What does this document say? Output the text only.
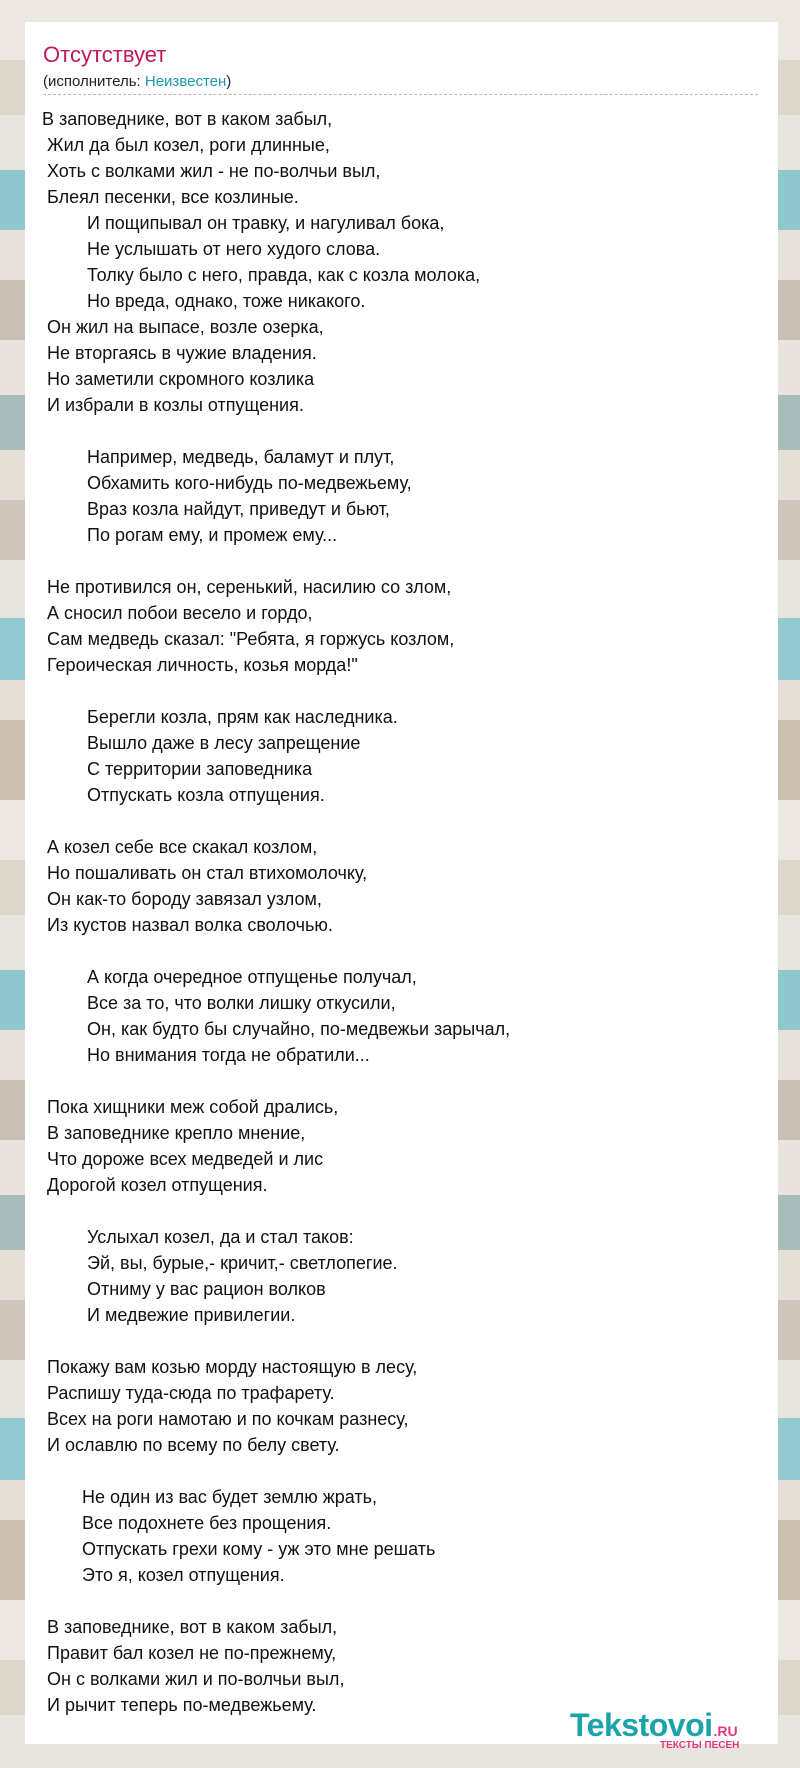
Отсутствует
(исполнитель: Неизвестен)
В заповеднике, вот в каком забыл,
Жил да был козел, роги длинные,
Хоть с волками жил - не по-волчьи выл,
Блеял песенки, все козлиные.
И пощипывал он травку, и нагуливал бока,
Не услышать от него худого слова.
Толку было с него, правда, как с козла молока,
Но вреда, однако, тоже никакого.
Он жил на выпасе, возле озерка,
Не вторгаясь в чужие владения.
Но заметили скромного козлика
И избрали в козлы отпущения.
Например, медведь, баламут и плут,
Обхамить кого-нибудь по-медвежьему,
Враз козла найдут, приведут и бьют,
По рогам ему, и промеж ему...
Не противился он, серенький, насилию со злом,
А сносил побои весело и гордо,
Сам медведь сказал: "Ребята, я горжусь козлом,
Героическая личность, козья морда!"
Берегли козла, прям как наследника.
Вышло даже в лесу запрещение
С территории заповедника
Отпускать козла отпущения.
А козел себе все скакал козлом,
Но пошаливать он стал втихомолочку,
Он как-то бороду завязал узлом,
Из кустов назвал волка сволочью.
А когда очередное отпущенье получал,
Все за то, что волки лишку откусили,
Он, как будто бы случайно, по-медвежьи зарычал,
Но внимания тогда не обратили...
Пока хищники меж собой дрались,
В заповеднике крепло мнение,
Что дороже всех медведей и лис
Дорогой козел отпущения.
Услыхал козел, да и стал таков:
Эй, вы, бурые,- кричит,- светлопегие.
Отниму у вас рацион волков
И медвежие привилегии.
Покажу вам козью морду настоящую в лесу,
Распишу туда-сюда по трафарету.
Всех на роги намотаю и по кочкам разнесу,
И ославлю по всему по белу свету.
Не один из вас будет землю жрать,
Все подохнете без прощения.
Отпускать грехи кому - уж это мне решать
Это я, козел отпущения.
В заповеднике, вот в каком забыл,
Правит бал козел не по-прежнему,
Он с волками жил и по-волчьи выл,
И рычит теперь по-медвежьему.
Tekstovoi.RU
ТЕКСТЫ ПЕСЕН
